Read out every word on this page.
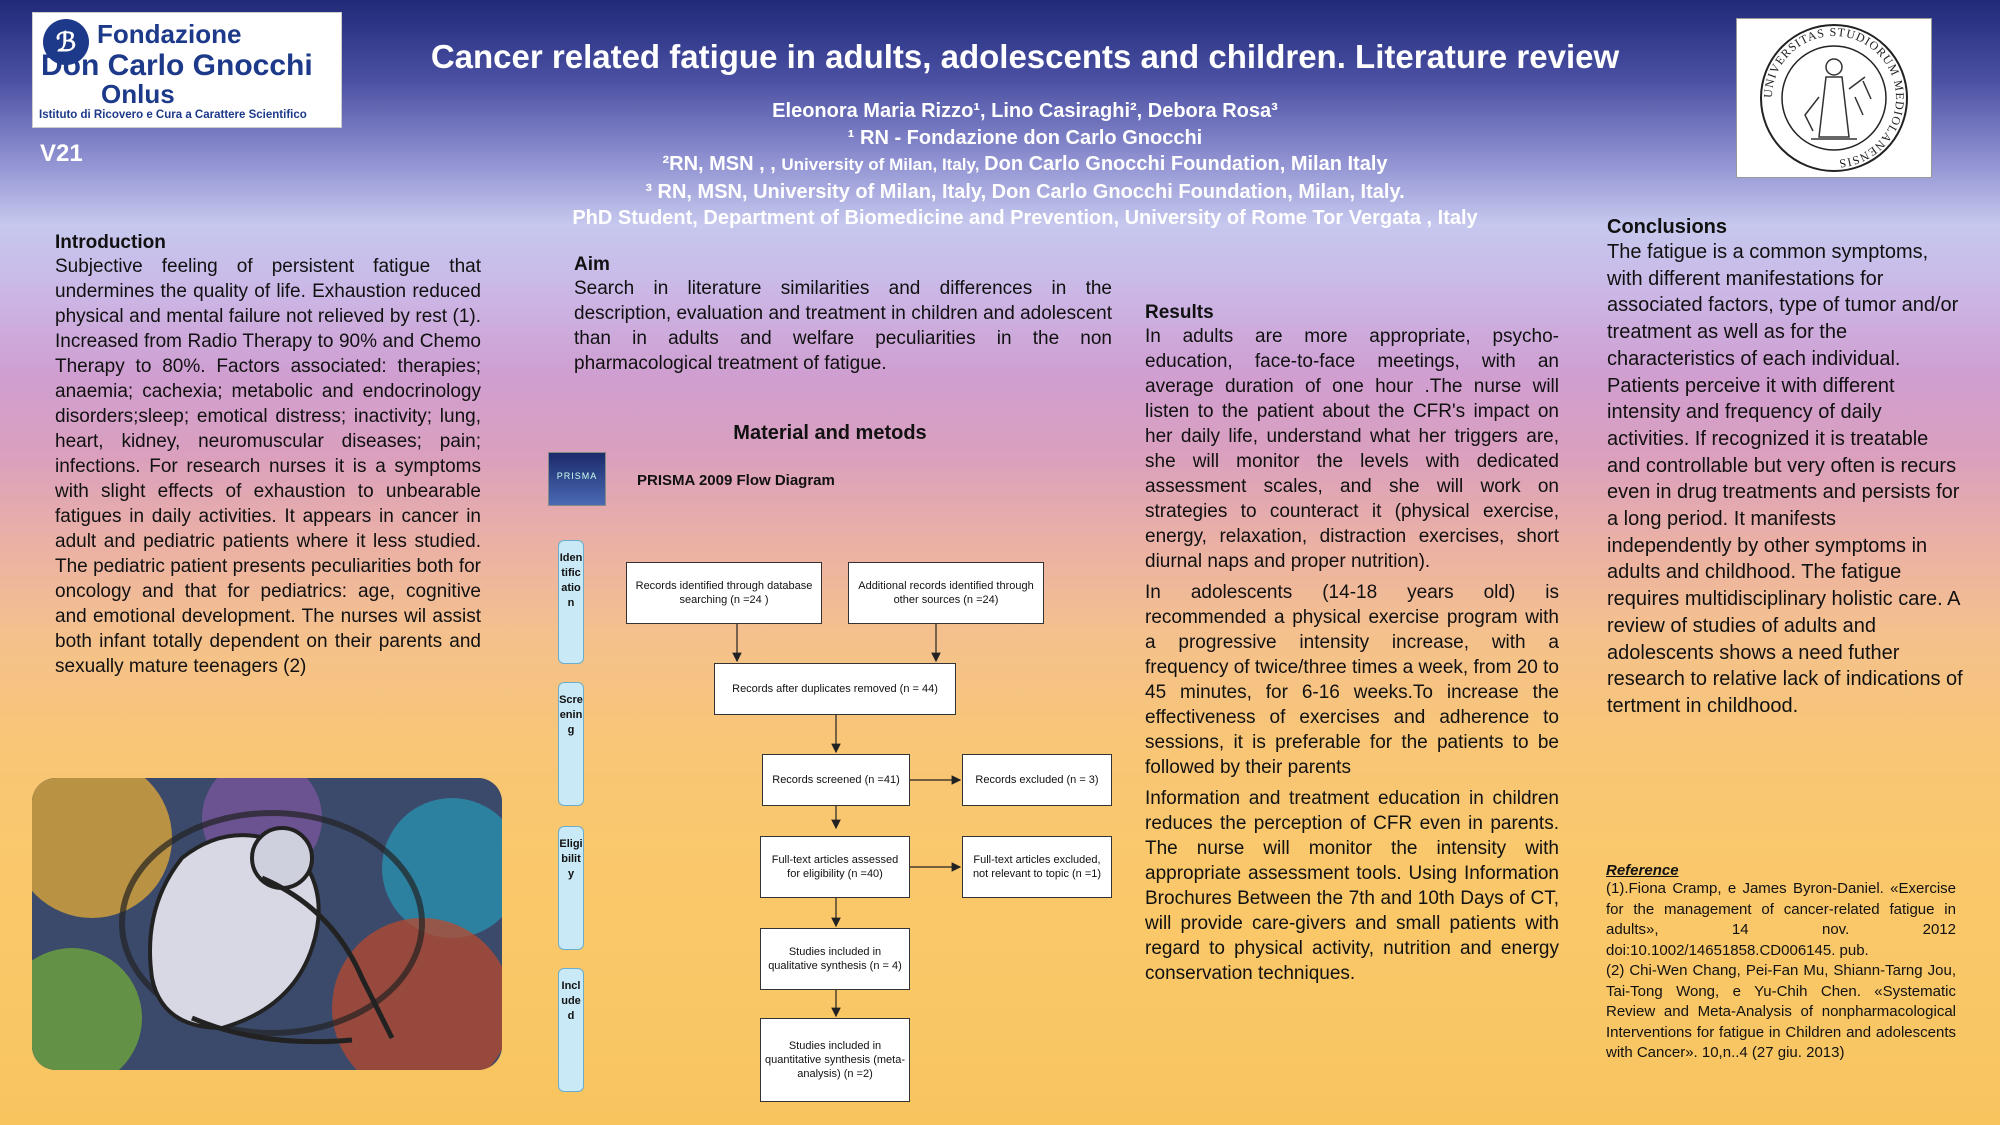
ℬ Fondazione
Don Carlo Gnocchi
Onlus
Istituto di Ricovero e Cura a Carattere Scientifico
V21
Cancer related fatigue in adults, adolescents and children. Literature review
Eleonora Maria Rizzo¹, Lino Casiraghi², Debora Rosa³
¹ RN - Fondazione don Carlo Gnocchi
²RN, MSN , , University of Milan, Italy, Don Carlo Gnocchi Foundation, Milan Italy
³ RN, MSN, University of Milan, Italy, Don Carlo Gnocchi Foundation, Milan, Italy.
PhD Student, Department of Biomedicine and Prevention, University of Rome Tor Vergata , Italy
UNIVERSITAS STUDIORUM MEDIOLANENSIS
Introduction
Subjective feeling of persistent fatigue that undermines the quality of life. Exhaustion reduced physical and mental failure not relieved by rest (1). Increased from Radio Therapy to 90% and Chemo Therapy to 80%. Factors associated: therapies; anaemia; cachexia; metabolic and endocrinology disorders;sleep; emotical distress; inactivity; lung, heart, kidney, neuromuscular diseases; pain; infections. For research nurses it is a symptoms with slight effects of exhaustion to unbearable fatigues in daily activities. It appears in cancer in adult and pediatric patients where it less studied. The pediatric patient presents peculiarities both for oncology and that for pediatrics: age, cognitive and emotional development. The nurses wil assist both infant totally dependent on their parents and sexually mature teenagers (2)
Aim
Search in literature similarities and differences in the description, evaluation and treatment in children and adolescent than in adults and welfare peculiarities in the non pharmacological treatment of fatigue.
Material and metods
PRISMA	PRISMA 2009 Flow Diagram
Identification
Screening
Eligibility
Included
Records identified through database searching (n =24 )
Additional records identified through other sources (n =24)
Records after duplicates removed (n = 44)
Records screened (n =41)	Records excluded (n = 3)
Full-text articles assessed for eligibility (n =40)
Full-text articles excluded, not relevant to topic (n =1)
Studies included in qualitative synthesis (n = 4)
Studies included in quantitative synthesis (meta-analysis) (n =2)
Results

In adults are more appropriate, psycho-education, face-to-face meetings, with an average duration of one hour .The nurse will listen to the patient about the CFR's impact on her daily life, understand what her triggers are, she will monitor the levels with dedicated assessment scales, and she will work on strategies to counteract it (physical exercise, energy, relaxation, distraction exercises, short diurnal naps and proper nutrition).

In adolescents (14-18 years old) is recommended a physical exercise program with a progressive intensity increase, with a frequency of twice/three times a week, from 20 to 45 minutes, for 6-16 weeks.To increase the effectiveness of exercises and adherence to sessions, it is preferable for the patients to be followed by their parents

Information and treatment education in children reduces the perception of CFR even in parents. The nurse will monitor the intensity with appropriate assessment tools. Using Information Brochures Between the 7th and 10th Days of CT, will provide care-givers and small patients with regard to physical activity, nutrition and energy conservation techniques.

Conclusions
The fatigue is a common symptoms, with different manifestations for associated factors, type of tumor and/or treatment as well as for the characteristics of each individual. Patients perceive it with different intensity and frequency of daily activities. If recognized it is treatable and controllable but very often is recurs even in drug treatments and persists for a long period. It manifests independently by other symptoms in adults and childhood. The fatigue requires multidisciplinary holistic care. A review of studies of adults and adolescents shows a need futher research to relative lack of indications of tertment in childhood.
Reference
(1).Fiona Cramp, e James Byron-Daniel. «Exercise for the management of cancer-related fatigue in adults», 14 nov. 2012 doi:10.1002/14651858.CD006145. pub.
(2) Chi-Wen Chang, Pei-Fan Mu, Shiann-Tarng Jou, Tai-Tong Wong, e Yu-Chih Chen. «Systematic Review and Meta-Analysis of nonpharmacological Interventions for fatigue in Children and adolescents with Cancer». 10,n..4 (27 giu. 2013)
